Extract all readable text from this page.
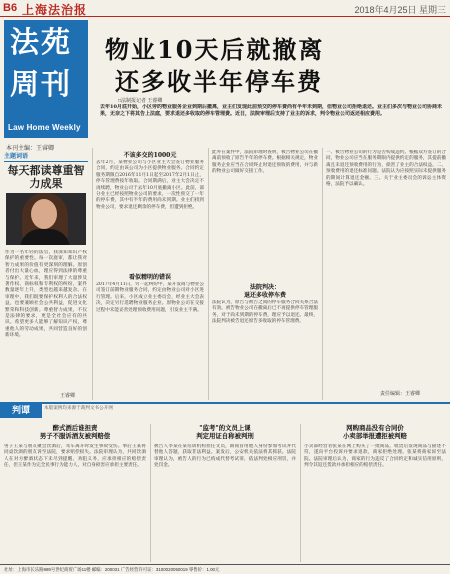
B6 上海法治报	2018年4月25日 星期三
法苑
周刊
Law Home Weekly
本刊主编：王睿卿
物业10天后就撤离
还多收半年停车费
□法制报记者 王睿卿
去年10月底开始，小区旁的物业服务企业到期后撤离，业主们发现此前预交的停车费尚有半年未到期，但物业公司拒绝退还。业主们多次与物业公司协商未果，无奈之下将其告上法庭，要求退还多收取的停车管理费。近日，法院审理后支持了业主的诉求，判令物业公司返还相应费用。
主题词语
每天都读尊重智力成果
作为一名年轻的法官，我深知知识产权保护的重要性。每一次庭审，都让我对智力成果的价值有更深刻的理解。原创者付出大量心血，理应得到法律的尊重与保护。近年来，我们审理了大量涉及著作权、商标权和专利权的纠纷，案件数量逐年上升，类型也越来越复杂。在审理中，我们既要保护权利人的合法权益，也要兼顾社会公共利益，促进文化繁荣和科技创新。尊重智力成果，不仅是法律的要求，更是全社会应有的共识。希望更多人能够了解知识产权，尊重他人的劳动成果，共同营造良好的创新环境。
王睿卿
不该多交的1000元
去年2月，某物业公司与小区业主大会签订物业服务合同，约定由该公司为小区提供物业服务。合同约定服务期限自2016年11月1日起至2017年2月1日止，停车管理费按年收取。合同期满后，业主大会决定不再续聘，物业公司于去年10月底撤离小区。此前，部分业主已经按照物业公司的要求，一次性预交了一年的停车费，其中有半年的费用尚未到期。业主们找到物业公司，要求退还剩余的停车费，但遭到拒绝。
看似精明的错误
2017年4月11日，另一起纠纷中，某开发商与物业公司签订前期物业服务合同，约定由物业公司对小区进行管理。后来，小区成立业主委员会，经业主大会表决，决定另行选聘物业服务企业。原物业公司在交接过程中未能妥善处理预收费用问题，引发业主不满。
此外在案件中，法院审理时查明，被告物业公司在撤离前预收了原告半年的停车费。根据相关规定，物业服务企业应当在合同终止时退还预收的费用，并与新的物业公司做好交接工作。
法院判决：
退还多收停车费
法院认为，原告与被告之间的停车服务合同关系合法有效。被告物业公司在撤离后已不再提供停车管理服务，对于尚未到期的停车费，理应予以退还。最终，法院判决被告退还原告多收取的停车管理费。
一、被告物业公司的行为是否构成违约。根据双方签订的合同，物业公司应当在服务期限内提供约定的服务，其提前撤离且未退还预收费用的行为，损害了业主的合法权益。二、预收费用的退还标准问题。法院认为应按照实际未提供服务的期间计算退还金额。三、关于业主委员会的诉讼主体资格，法院予以确认。
责任编辑：王睿卿
判谭	本版案例均来源于裁判文书公开网
醉式酒后谁担责
男子不服诉酒友被判赔偿
男子王某与朋友聚会饮酒后，驾车离开时发生事故受伤。事后王某将同桌饮酒的朋友诉至法院，要求赔偿损失。法院审理认为，共同饮酒人在对方醉酒状态下未尽到提醒、劝阻义务，应承担相应的赔偿责任，但王某作为完全民事行为能力人，对自身损害应承担主要责任。
"监考"的文员上课
判定用证自称被判刑
被告人李某在某培训机构担任文员，期间冒用他人身份参加考试并代替他人答题，获取非法利益。案发后，公安机关依法将其抓获。法院审理认为，被告人的行为已构成代替考试罪，依法判处相应刑罚，并处罚金。
网购商品没有合同价
小卖部举报遭拒被判赔
小卖部经营者张某在网上购买了一批商品，收货后发现商品与描述不符，遂向平台投诉并要求退款，商家拒绝处理。张某将商家诉至法院。法院审理后认为，商家的行为违反了合同约定和诚实信用原则，判令其返还货款并承担相应的赔偿责任。
社址：上海市长乐路989号世纪商贸广场11楼 邮编：200031 广告经营许可证：3100020050019 零售价：1.00元
